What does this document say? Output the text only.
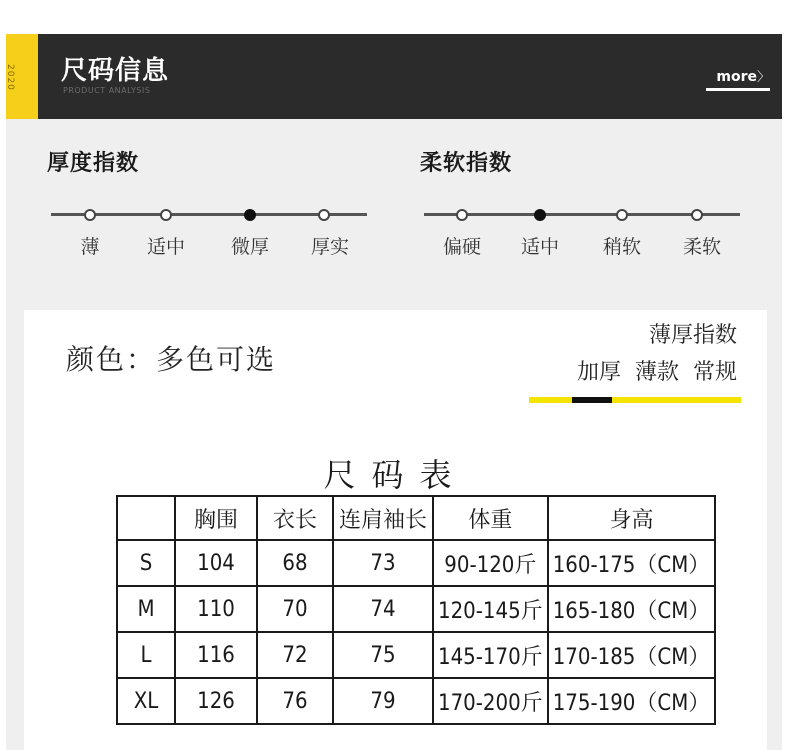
2020 尺码信息
PRODUCT ANALYSIS
more〉
厚度指数
薄	适中	微厚	厚实
柔软指数
偏硬	适中	稍软	柔软
颜色：多色可选
薄厚指数
加厚 薄款 常规
尺码表
	胸围	衣长	连肩袖长	体重	身高
S	104	68	73	90-120斤	160-175（CM）
M	110	70	74	120-145斤	165-180（CM）
L	116	72	75	145-170斤	170-185（CM）
XL	126	76	79	170-200斤	175-190（CM）
